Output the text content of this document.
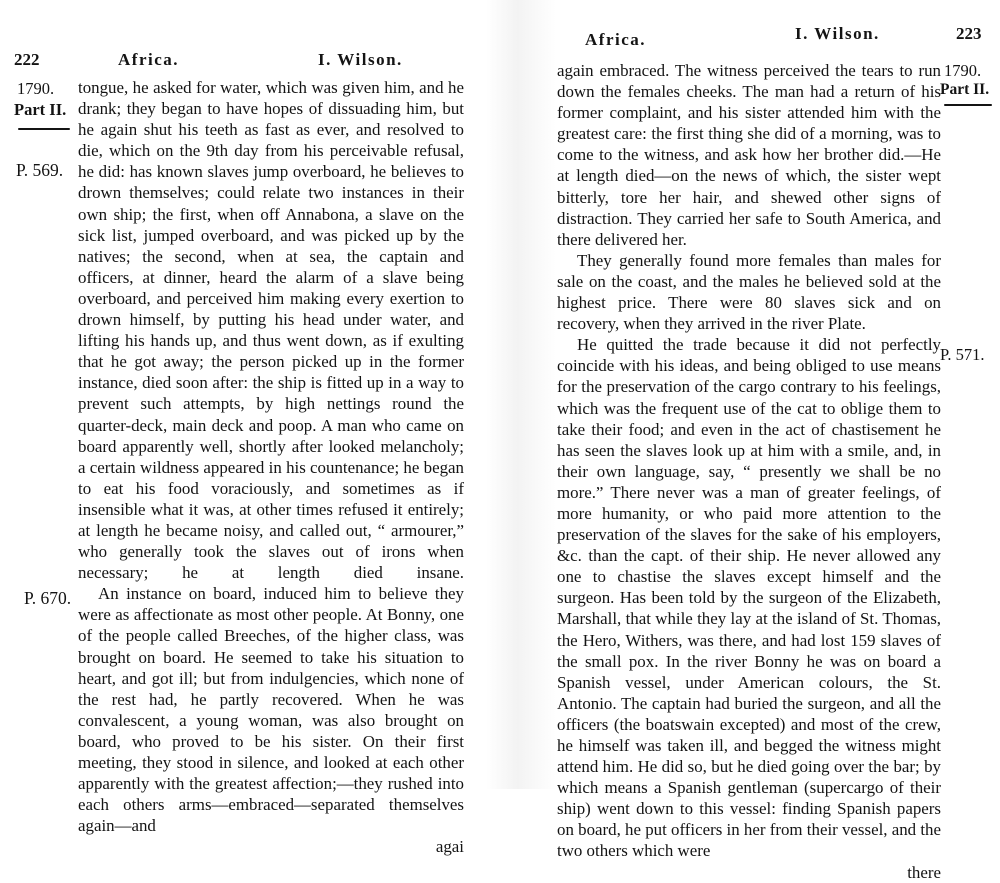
222	Africa.	I. Wilson.
1790.
Part II.
P. 569.
P. 670.

tongue, he asked for water, which was given him, and he drank; they began to have hopes of dissuading him, but he again shut his teeth as fast as ever, and resolved to die, which on the 9th day from his perceivable refusal, he did: has known slaves jump overboard, he believes to drown themselves; could relate two instances in their own ship; the first, when off Annabona, a slave on the sick list, jumped overboard, and was picked up by the natives; the second, when at sea, the captain and officers, at dinner, heard the alarm of a slave being overboard, and perceived him making every exertion to drown himself, by putting his head under water, and lifting his hands up, and thus went down, as if exulting that he got away; the person picked up in the former instance, died soon after: the ship is fitted up in a way to prevent such attempts, by high nettings round the quarter-deck, main deck and poop. A man who came on board apparently well, shortly after looked melancholy; a certain wildness appeared in his countenance; he began to eat his food voraciously, and sometimes as if insensible what it was, at other times refused it entirely; at length he became noisy, and called out, “ armourer,” who generally took the slaves out of irons when necessary; he at length died insane.

An instance on board, induced him to believe they were as affectionate as most other people. At Bonny, one of the people called Breeches, of the higher class, was brought on board. He seemed to take his situation to heart, and got ill; but from indulgencies, which none of the rest had, he partly recovered. When he was convalescent, a young woman, was also brought on board, who proved to be his sister. On their first meeting, they stood in silence, and looked at each other apparently with the greatest affection;—they rushed into each others arms—embraced—separated themselves again—and

agai

Africa.	I. Wilson.	223
1790.
Part II.
P. 571.

again embraced. The witness perceived the tears to run down the females cheeks. The man had a return of his former complaint, and his sister attended him with the greatest care: the first thing she did of a morning, was to come to the witness, and ask how her brother did.—He at length died—on the news of which, the sister wept bitterly, tore her hair, and shewed other signs of distraction. They carried her safe to South America, and there delivered her.

They generally found more females than males for sale on the coast, and the males he believed sold at the highest price. There were 80 slaves sick and on recovery, when they arrived in the river Plate.

He quitted the trade because it did not perfectly coincide with his ideas, and being obliged to use means for the preservation of the cargo contrary to his feelings, which was the frequent use of the cat to oblige them to take their food; and even in the act of chastisement he has seen the slaves look up at him with a smile, and, in their own language, say, “ presently we shall be no more.” There never was a man of greater feelings, of more humanity, or who paid more attention to the preservation of the slaves for the sake of his employers, &c. than the capt. of their ship. He never allowed any one to chastise the slaves except himself and the surgeon. Has been told by the surgeon of the Elizabeth, Marshall, that while they lay at the island of St. Thomas, the Hero, Withers, was there, and had lost 159 slaves of the small pox. In the river Bonny he was on board a Spanish vessel, under American colours, the St. Antonio. The captain had buried the surgeon, and all the officers (the boatswain excepted) and most of the crew, he himself was taken ill, and begged the witness might attend him. He did so, but he died going over the bar; by which means a Spanish gentleman (supercargo of their ship) went down to this vessel: finding Spanish papers on board, he put officers in her from their vessel, and the two others which were

there
